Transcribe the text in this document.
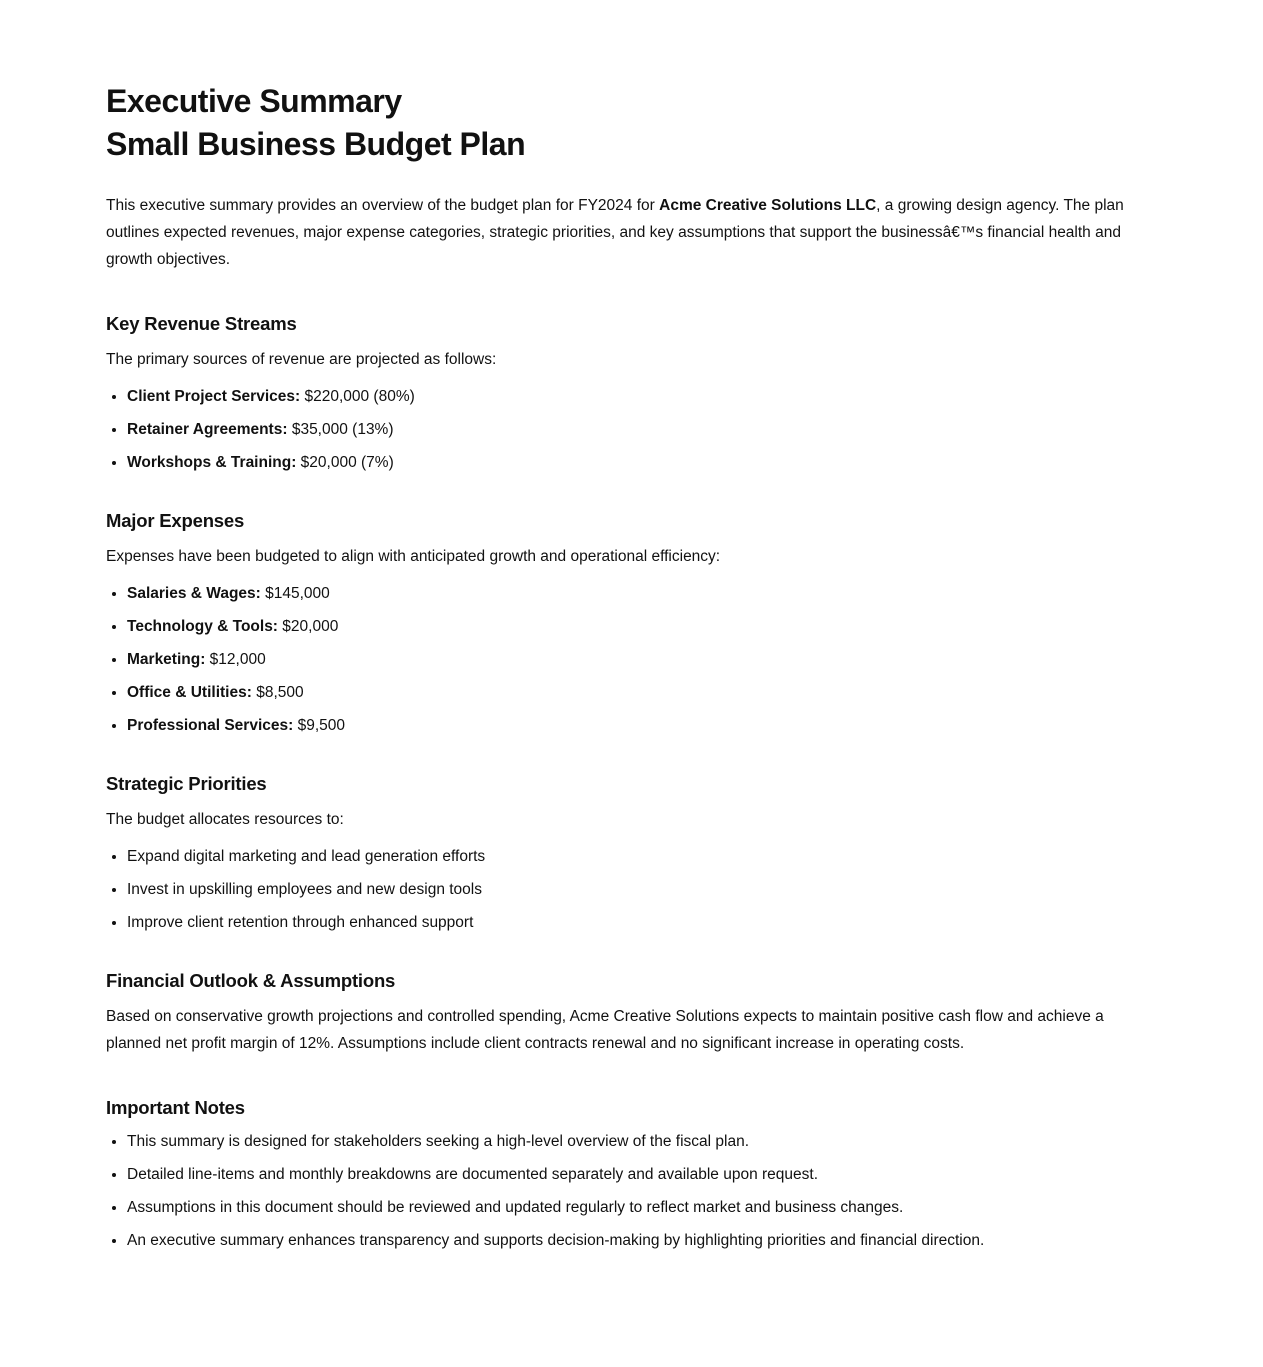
Executive Summary
Small Business Budget Plan

This executive summary provides an overview of the budget plan for FY2024 for Acme Creative Solutions LLC, a growing design agency. The plan outlines expected revenues, major expense categories, strategic priorities, and key assumptions that support the businessâ€™s financial health and growth objectives.

Key Revenue Streams

The primary sources of revenue are projected as follows:

• Client Project Services: $220,000 (80%)
• Retainer Agreements: $35,000 (13%)
• Workshops & Training: $20,000 (7%)
Major Expenses

Expenses have been budgeted to align with anticipated growth and operational efficiency:

• Salaries & Wages: $145,000
• Technology & Tools: $20,000
• Marketing: $12,000
• Office & Utilities: $8,500
• Professional Services: $9,500
Strategic Priorities

The budget allocates resources to:

• Expand digital marketing and lead generation efforts
• Invest in upskilling employees and new design tools
• Improve client retention through enhanced support
Financial Outlook & Assumptions

Based on conservative growth projections and controlled spending, Acme Creative Solutions expects to maintain positive cash flow and achieve a planned net profit margin of 12%. Assumptions include client contracts renewal and no significant increase in operating costs.

Important Notes
• This summary is designed for stakeholders seeking a high-level overview of the fiscal plan.
• Detailed line-items and monthly breakdowns are documented separately and available upon request.
• Assumptions in this document should be reviewed and updated regularly to reflect market and business changes.
• An executive summary enhances transparency and supports decision-making by highlighting priorities and financial direction.
